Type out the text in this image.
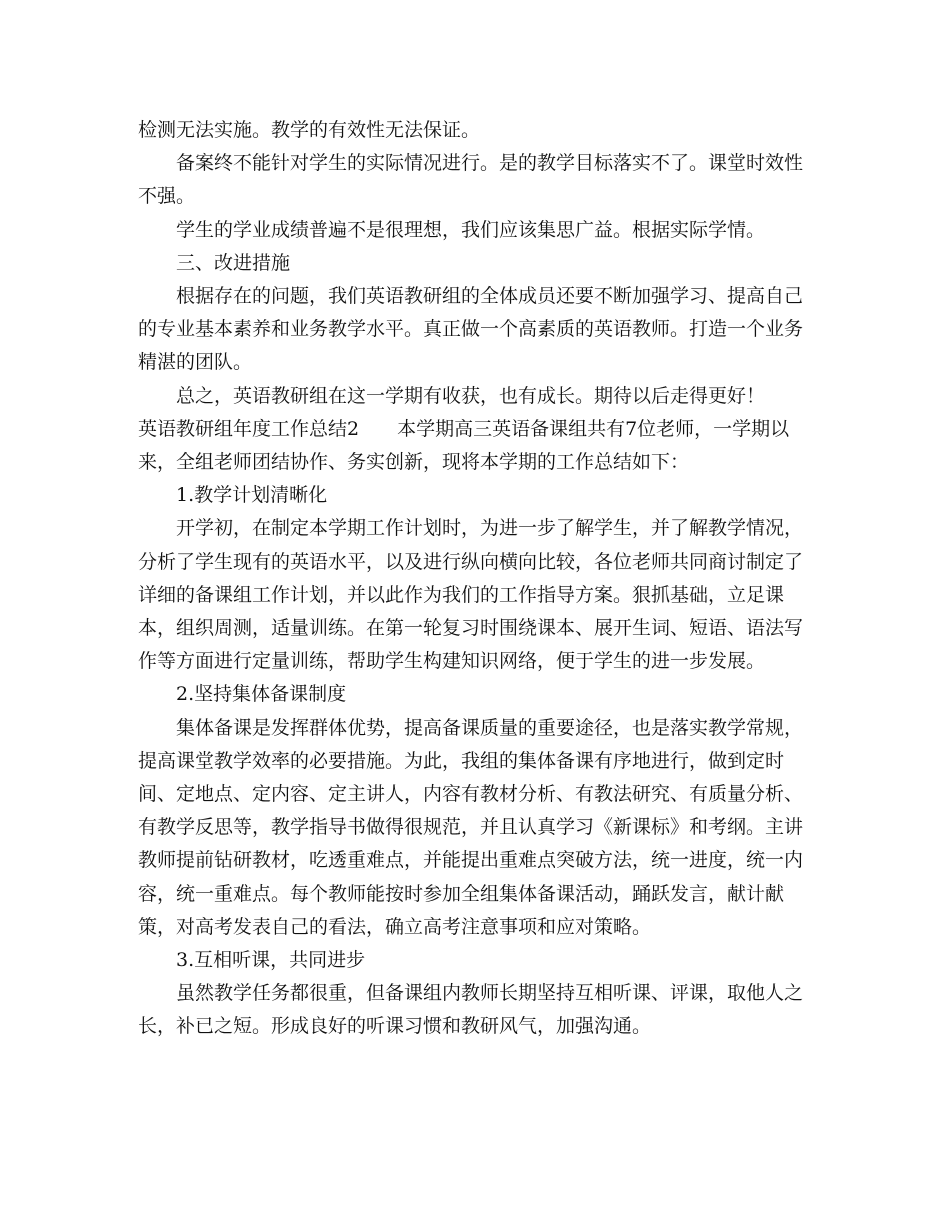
检测无法实施。教学的有效性无法保证。

备案终不能针对学生的实际情况进行。是的教学目标落实不了。课堂时效性不强。

学生的学业成绩普遍不是很理想，我们应该集思广益。根据实际学情。

三、改进措施

根据存在的问题，我们英语教研组的全体成员还要不断加强学习、提高自己的专业基本素养和业务教学水平。真正做一个高素质的英语教师。打造一个业务精湛的团队。

总之，英语教研组在这一学期有收获，也有成长。期待以后走得更好！

英语教研组年度工作总结2　　本学期高三英语备课组共有7位老师，一学期以来，全组老师团结协作、务实创新，现将本学期的工作总结如下：

1.教学计划清晰化

开学初，在制定本学期工作计划时，为进一步了解学生，并了解教学情况，分析了学生现有的英语水平，以及进行纵向横向比较，各位老师共同商讨制定了详细的备课组工作计划，并以此作为我们的工作指导方案。狠抓基础，立足课本，组织周测，适量训练。在第一轮复习时围绕课本、展开生词、短语、语法写作等方面进行定量训练，帮助学生构建知识网络，便于学生的进一步发展。

2.坚持集体备课制度

集体备课是发挥群体优势，提高备课质量的重要途径，也是落实教学常规，提高课堂教学效率的必要措施。为此，我组的集体备课有序地进行，做到定时间、定地点、定内容、定主讲人，内容有教材分析、有教法研究、有质量分析、有教学反思等，教学指导书做得很规范，并且认真学习《新课标》和考纲。主讲教师提前钻研教材，吃透重难点，并能提出重难点突破方法，统一进度，统一内容，统一重难点。每个教师能按时参加全组集体备课活动，踊跃发言，献计献策，对高考发表自己的看法，确立高考注意事项和应对策略。

3.互相听课，共同进步

虽然教学任务都很重，但备课组内教师长期坚持互相听课、评课，取他人之长，补已之短。形成良好的听课习惯和教研风气，加强沟通。
